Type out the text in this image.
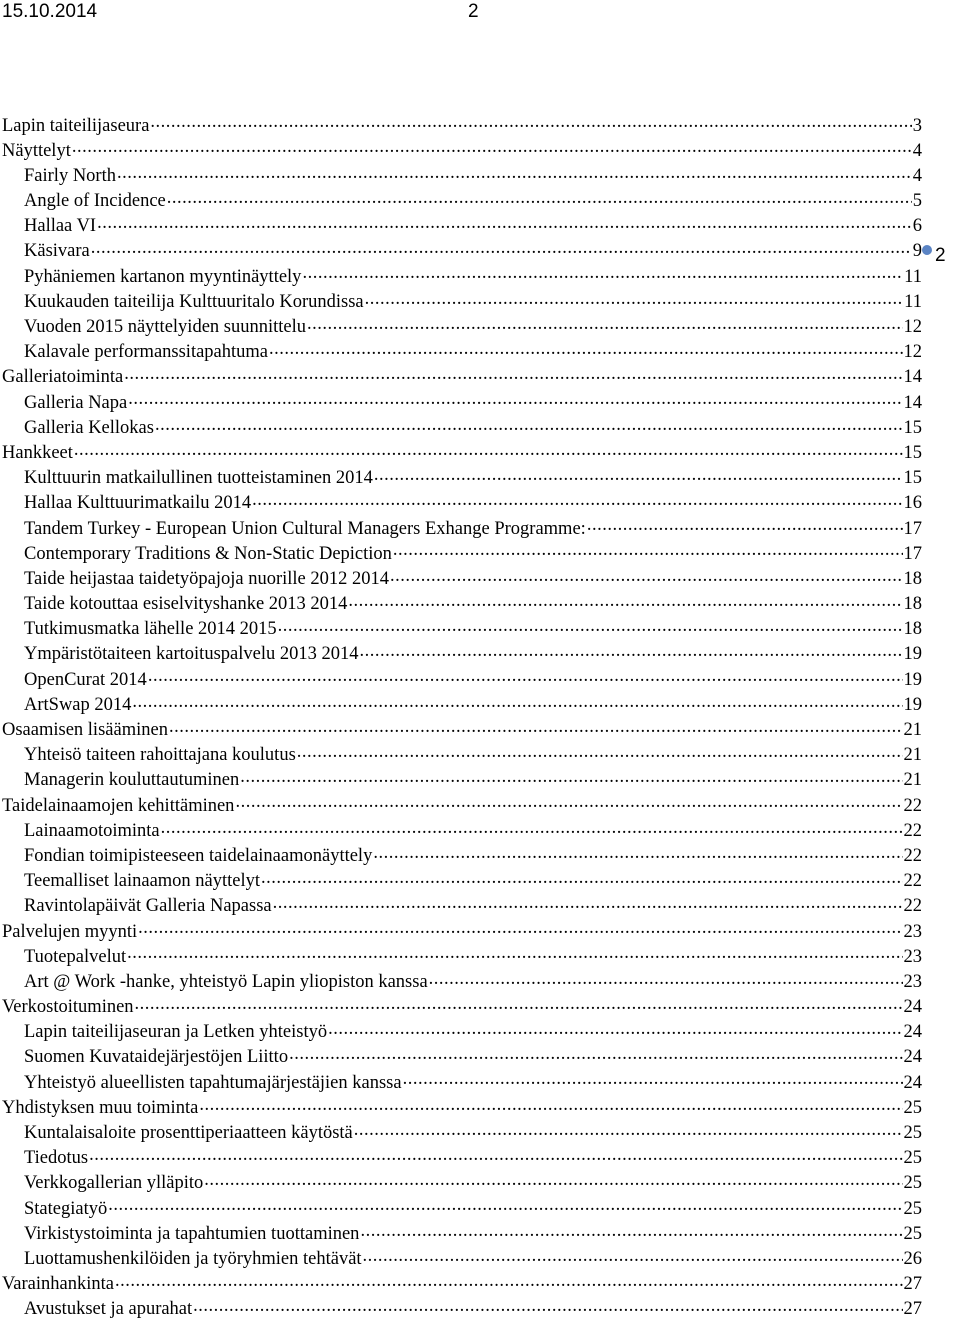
15.10.2014	2
2
Lapin taiteilijaseura .....	3
Näyttelyt .....	4
Fairly North .....	4
Angle of Incidence .....	5
Hallaa VI .....	6
Käsivara .....	9
Pyhäniemen kartanon myyntinäyttely .....	11
Kuukauden taiteilija Kulttuuritalo Korundissa .....	11
Vuoden 2015 näyttelyiden suunnittelu .....	12
Kalavale performanssitapahtuma .....	12
Galleriatoiminta .....	14
Galleria Napa .....	14
Galleria Kellokas .....	15
Hankkeet .....	15
Kulttuurin matkailullinen tuotteistaminen 2014 .....	15
Hallaa Kulttuurimatkailu 2014 .....	16
Tandem Turkey - European Union Cultural Managers Exhange Programme: .....	17
Contemporary Traditions & Non-Static Depiction .....	17
Taide heijastaa taidetyöpajoja nuorille 2012 2014 .....	18
Taide kotouttaa esiselvityshanke 2013 2014 .....	18
Tutkimusmatka lähelle 2014 2015 .....	18
Ympäristötaiteen kartoituspalvelu 2013 2014 .....	19
OpenCurat 2014 .....	19
ArtSwap 2014 .....	19
Osaamisen lisääminen .....	21
Yhteisö taiteen rahoittajana koulutus .....	21
Managerin kouluttautuminen .....	21
Taidelainaamojen kehittäminen .....	22
Lainaamotoiminta .....	22
Fondian toimipisteeseen taidelainaamonäyttely .....	22
Teemalliset lainaamon näyttelyt .....	22
Ravintolapäivät Galleria Napassa .....	22
Palvelujen myynti .....	23
Tuotepalvelut .....	23
Art @ Work -hanke, yhteistyö Lapin yliopiston kanssa .....	23
Verkostoituminen .....	24
Lapin taiteilijaseuran ja Letken yhteistyö .....	24
Suomen Kuvataidejärjestöjen Liitto .....	24
Yhteistyö alueellisten tapahtumajärjestäjien kanssa .....	24
Yhdistyksen muu toiminta .....	25
Kuntalaisaloite prosenttiperiaatteen käytöstä .....	25
Tiedotus .....	25
Verkkogallerian ylläpito .....	25
Stategiatyö .....	25
Virkistystoiminta ja tapahtumien tuottaminen .....	25
Luottamushenkilöiden ja työryhmien tehtävät .....	26
Varainhankinta .....	27
Avustukset ja apurahat .....	27
